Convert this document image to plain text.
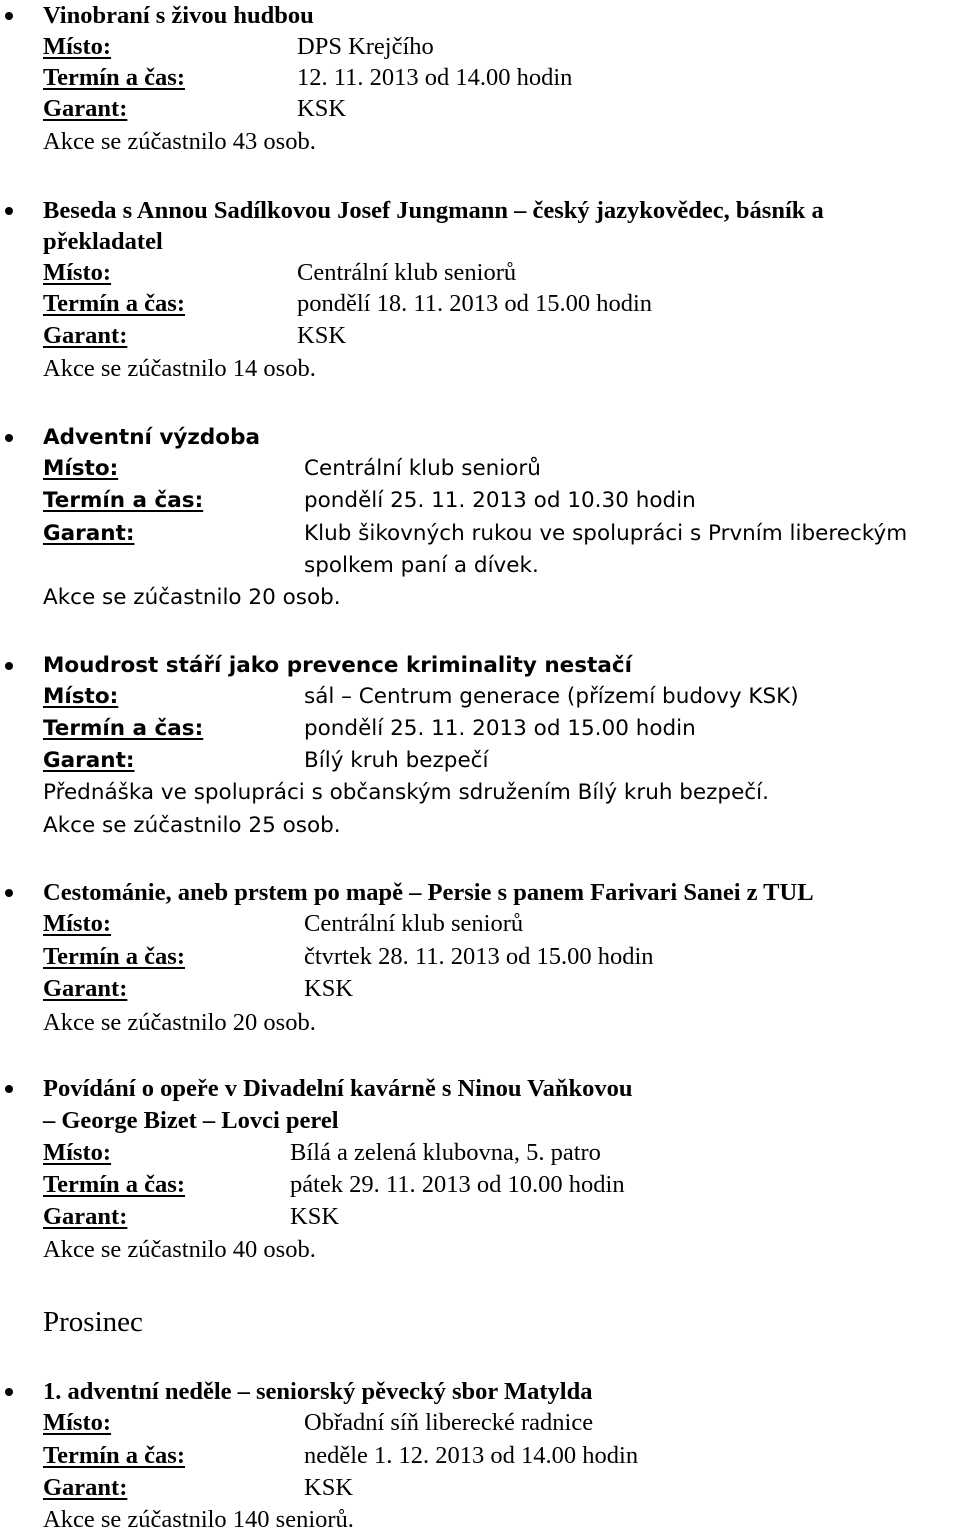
Vinobraní s živou hudbou
Místo:	DPS Krejčího
Termín a čas:	12. 11. 2013 od 14.00 hodin
Garant:	KSK
Akce se zúčastnilo 43 osob.
Beseda s Annou Sadílkovou Josef Jungmann – český jazykovědec, básník a
překladatel
Místo:	Centrální klub seniorů
Termín a čas:	pondělí 18. 11. 2013 od 15.00 hodin
Garant:	KSK
Akce se zúčastnilo 14 osob.
Adventní výzdoba
Místo:	Centrální klub seniorů
Termín a čas:	pondělí 25. 11. 2013 od 10.30 hodin
Garant:	Klub šikovných rukou ve spolupráci s Prvním libereckým
spolkem paní a dívek.
Akce se zúčastnilo 20 osob.
Moudrost stáří jako prevence kriminality nestačí
Místo:	sál – Centrum generace (přízemí budovy KSK)
Termín a čas:	pondělí 25. 11. 2013 od 15.00 hodin
Garant:	Bílý kruh bezpečí
Přednáška ve spolupráci s občanským sdružením Bílý kruh bezpečí.
Akce se zúčastnilo 25 osob.
Cestománie, aneb prstem po mapě – Persie s panem Farivari Sanei z TUL
Místo:	Centrální klub seniorů
Termín a čas:	čtvrtek 28. 11. 2013 od 15.00 hodin
Garant:	KSK
Akce se zúčastnilo 20 osob.
Povídání o opeře v Divadelní kavárně s Ninou Vaňkovou
– George Bizet – Lovci perel
Místo:	Bílá a zelená klubovna, 5. patro
Termín a čas:	pátek 29. 11. 2013 od 10.00 hodin
Garant:	KSK
Akce se zúčastnilo 40 osob.
Prosinec
1. adventní neděle – seniorský pěvecký sbor Matylda
Místo:	Obřadní síň liberecké radnice
Termín a čas:	neděle 1. 12. 2013 od 14.00 hodin
Garant:	KSK
Akce se zúčastnilo 140 seniorů.
